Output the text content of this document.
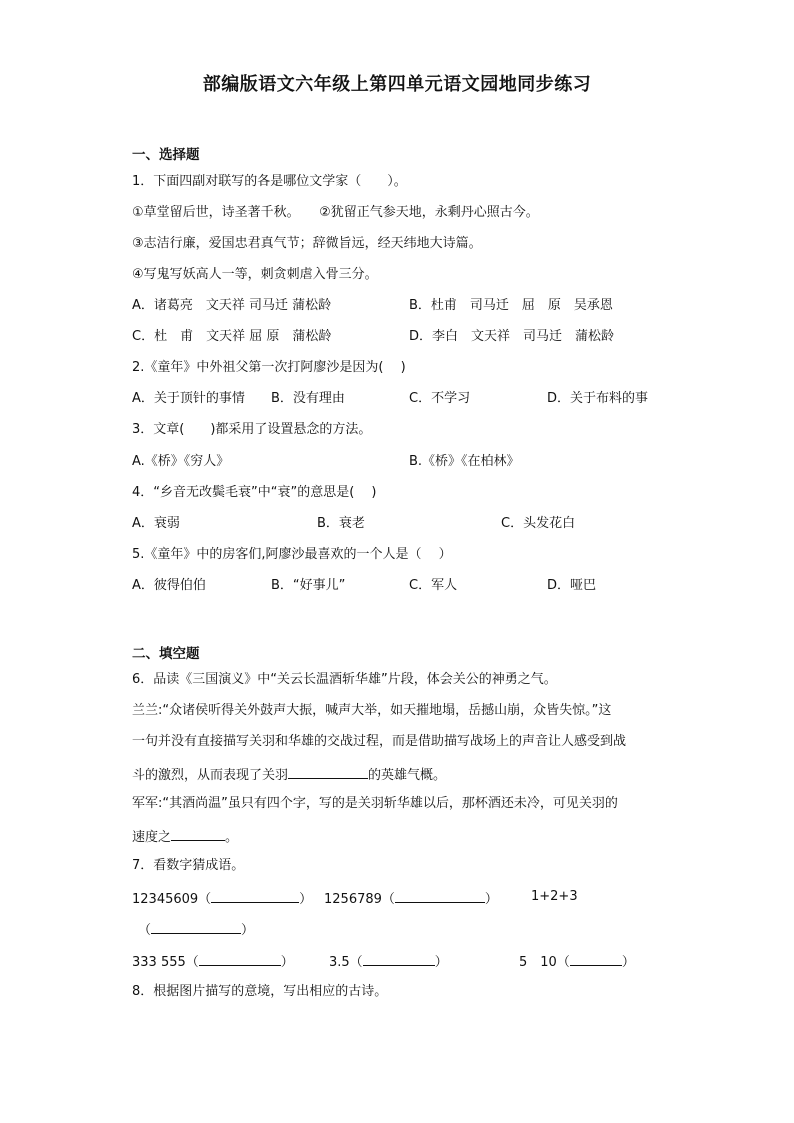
部编版语文六年级上第四单元语文园地同步练习
一、选择题
1．下面四副对联写的各是哪位文学家（　　）。
①草堂留后世，诗圣著千秋。　　②犹留正气参天地，永剩丹心照古今。
③志洁行廉，爱国忠君真气节；辞微旨远，经天纬地大诗篇。
④写鬼写妖高人一等，刺贪刺虐入骨三分。
A．诸葛亮　文天祥 司马迁 蒲松龄	B．杜甫　司马迁　屈　原　吴承恩
C．杜　甫　文天祥 屈 原　蒲松龄	D．李白　文天祥　司马迁　蒲松龄
2.《童年》中外祖父第一次打阿廖沙是因为(　 )
A．关于顶针的事情 B．没有理由	C．不学习	D．关于布料的事
3．文章(　　)都采用了设置悬念的方法。
A.《桥》《穷人》	B.《桥》《在柏林》
4．“乡音无改鬓毛衰”中“衰”的意思是(　 )
A．衰弱	B．衰老	C．头发花白
5.《童年》中的房客们,阿廖沙最喜欢的一个人是（　 ）
A．彼得伯伯	B．“好事儿”	C．军人	D．哑巴
二、填空题
6．品读《三国演义》中“关云长温酒斩华雄”片段，体会关公的神勇之气。
兰兰:“众诸侯听得关外鼓声大振，喊声大举，如天摧地塌，岳撼山崩，众皆失惊。”这
一句并没有直接描写关羽和华雄的交战过程，而是借助描写战场上的声音让人感受到战
斗的激烈，从而表现了关羽	的英雄气概。
军军:“其酒尚温”虽只有四个字，写的是关羽斩华雄以后，那杯酒还未冷，可见关羽的
速度之	。
7．看数字猜成语。
12345609（	） 1256789（	）	1+2+3
（	）
333 555（	）	3.5（	）	5　10（	）
8．根据图片描写的意境，写出相应的古诗。
